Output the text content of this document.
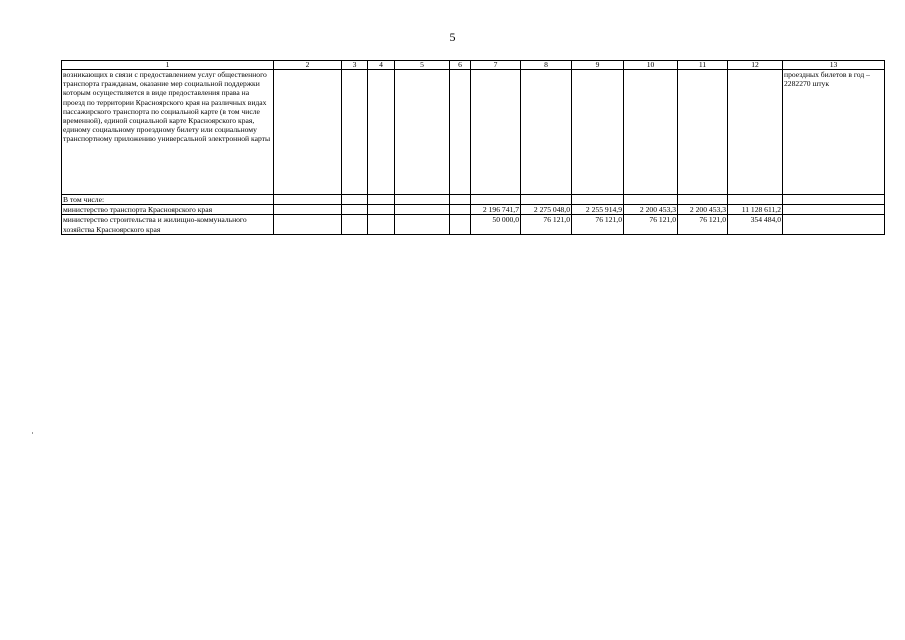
5
1	2	3	4	5	6	7	8	9	10	11	12	13
возникающих в связи с предоставлением услуг общественного транспорта гражданам, оказание мер социальной поддержки которым осуществляется в виде предоставления права на проезд по территории Красноярского края на различных видах пассажирского транспорта по социальной карте (в том числе временной), единой социальной карте Красноярского края, единому социальному проездному билету или социальному транспортному приложению универсальной электронной карты												проездных билетов в год – 2282270 штук
В том числе:												
министерство транспорта Красноярского края						2 196 741,7	2 275 048,0	2 255 914,9	2 200 453,3	2 200 453,3	11 128 611,2	
министерство строительства и жилищно-коммунального хозяйства Красноярского края						50 000,0	76 121,0	76 121,0	76 121,0	76 121,0	354 484,0	
